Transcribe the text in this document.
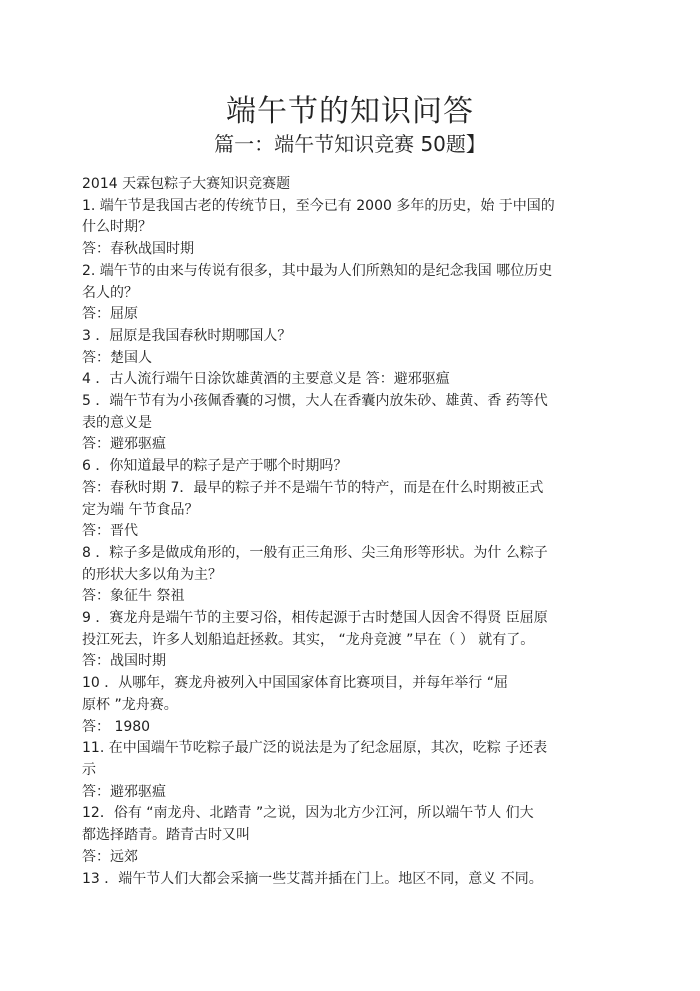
端午节的知识问答
篇一：端午节知识竞赛 50题】
2014 天霖包粽子大赛知识竞赛题
1. 端午节是我国古老的传统节日，至今已有 2000 多年的历史，始 于中国的
什么时期？
答：春秋战国时期
2. 端午节的由来与传说有很多，其中最为人们所熟知的是纪念我国 哪位历史
名人的？
答：屈原
3 ．屈原是我国春秋时期哪国人？
答：楚国人
4 ．古人流行端午日涂饮雄黄酒的主要意义是 答：避邪驱瘟
5 ．端午节有为小孩佩香囊的习惯，大人在香囊内放朱砂、雄黄、香 药等代
表的意义是
答：避邪驱瘟
6 ．你知道最早的粽子是产于哪个时期吗？
答：春秋时期 7．最早的粽子并不是端午节的特产，而是在什么时期被正式
定为端 午节食品？
答：晋代
8 ．粽子多是做成角形的，一般有正三角形、尖三角形等形状。为什 么粽子
的形状大多以角为主？
答：象征牛 祭祖
9 ．赛龙舟是端午节的主要习俗，相传起源于古时楚国人因舍不得贤 臣屈原
投江死去，许多人划船追赶拯救。其实， “龙舟竞渡 ”早在（ ） 就有了。
答：战国时期
10 ．从哪年，赛龙舟被列入中国国家体育比赛项目，并每年举行 “屈
原杯 ”龙舟赛。
答： 1980
11. 在中国端午节吃粽子最广泛的说法是为了纪念屈原，其次，吃粽 子还表
示
答：避邪驱瘟
12．俗有 “南龙舟、北踏青 ”之说，因为北方少江河，所以端午节人 们大
都选择踏青。踏青古时又叫
答：远郊
13 ．端午节人们大都会采摘一些艾蒿并插在门上。地区不同，意义 不同。
